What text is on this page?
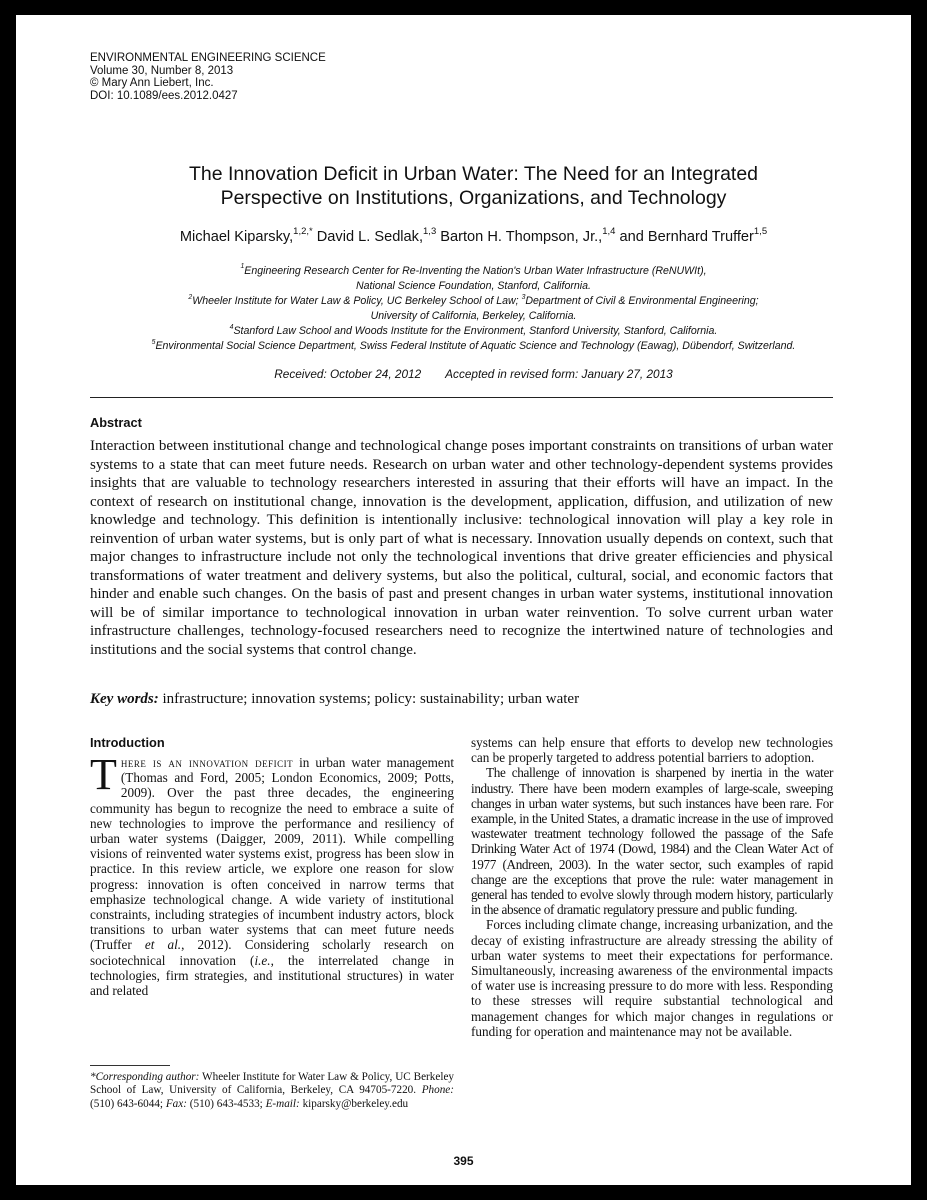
ENVIRONMENTAL ENGINEERING SCIENCE
Volume 30, Number 8, 2013
© Mary Ann Liebert, Inc.
DOI: 10.1089/ees.2012.0427
The Innovation Deficit in Urban Water: The Need for an Integrated
Perspective on Institutions, Organizations, and Technology
Michael Kiparsky,$^{1,2,*}$ David L. Sedlak,$^{1,3}$ Barton H. Thompson, Jr.,$^{1,4}$ and Bernhard Truffer$^{1,5}$
$^1$Engineering Research Center for Re-Inventing the Nation's Urban Water Infrastructure (ReNUWIt),
National Science Foundation, Stanford, California.
$^2$Wheeler Institute for Water Law & Policy, UC Berkeley School of Law; $^3$Department of Civil & Environmental Engineering;
University of California, Berkeley, California.
$^4$Stanford Law School and Woods Institute for the Environment, Stanford University, Stanford, California.
$^5$Environmental Social Science Department, Swiss Federal Institute of Aquatic Science and Technology (Eawag), Dübendorf, Switzerland.
Received: October 24, 2012 Accepted in revised form: January 27, 2013
Abstract

Interaction between institutional change and technological change poses important constraints on transitions of urban water systems to a state that can meet future needs. Research on urban water and other technology-dependent systems provides insights that are valuable to technology researchers interested in assuring that their efforts will have an impact. In the context of research on institutional change, innovation is the development, application, diffusion, and utilization of new knowledge and technology. This definition is intentionally inclusive: technological innovation will play a key role in reinvention of urban water systems, but is only part of what is necessary. Innovation usually depends on context, such that major changes to infrastructure include not only the technological inventions that drive greater efficiencies and physical transformations of water treatment and delivery systems, but also the political, cultural, social, and economic factors that hinder and enable such changes. On the basis of past and present changes in urban water systems, institutional innovation will be of similar importance to technological innovation in urban water reinvention. To solve current urban water infrastructure challenges, technology-focused researchers need to recognize the intertwined nature of technologies and institutions and the social systems that control change.

Key words: infrastructure; innovation systems; policy: sustainability; urban water
Introduction

There is an innovation deficit in urban water management (Thomas and Ford, 2005; London Economics, 2009; Potts, 2009). Over the past three decades, the engineering community has begun to recognize the need to embrace a suite of new technologies to improve the performance and resiliency of urban water systems (Daigger, 2009, 2011). While compelling visions of reinvented water systems exist, progress has been slow in practice. In this review article, we explore one reason for slow progress: innovation is often conceived in narrow terms that emphasize technological change. A wide variety of institutional constraints, including strategies of incumbent industry actors, block transitions to urban water systems that can meet future needs (Truffer et al., 2012). Considering scholarly research on sociotechnical innovation (i.e., the interrelated change in technologies, firm strategies, and institutional structures) in water and related

systems can help ensure that efforts to develop new technologies can be properly targeted to address potential barriers to adoption.

The challenge of innovation is sharpened by inertia in the water industry. There have been modern examples of large-scale, sweeping changes in urban water systems, but such instances have been rare. For example, in the United States, a dramatic increase in the use of improved wastewater treatment technology followed the passage of the Safe Drinking Water Act of 1974 (Dowd, 1984) and the Clean Water Act of 1977 (Andreen, 2003). In the water sector, such examples of rapid change are the exceptions that prove the rule: water management in general has tended to evolve slowly through modern history, particularly in the absence of dramatic regulatory pressure and public funding.

Forces including climate change, increasing urbanization, and the decay of existing infrastructure are already stressing the ability of urban water systems to meet their expectations for performance. Simultaneously, increasing awareness of the environmental impacts of water use is increasing pressure to do more with less. Responding to these stresses will require substantial technological and management changes for which major changes in regulations or funding for operation and maintenance may not be available.

*Corresponding author: Wheeler Institute for Water Law & Policy, UC Berkeley School of Law, University of California, Berkeley, CA 94705-7220. Phone: (510) 643-6044; Fax: (510) 643-4533; E-mail: kiparsky@berkeley.edu

395
